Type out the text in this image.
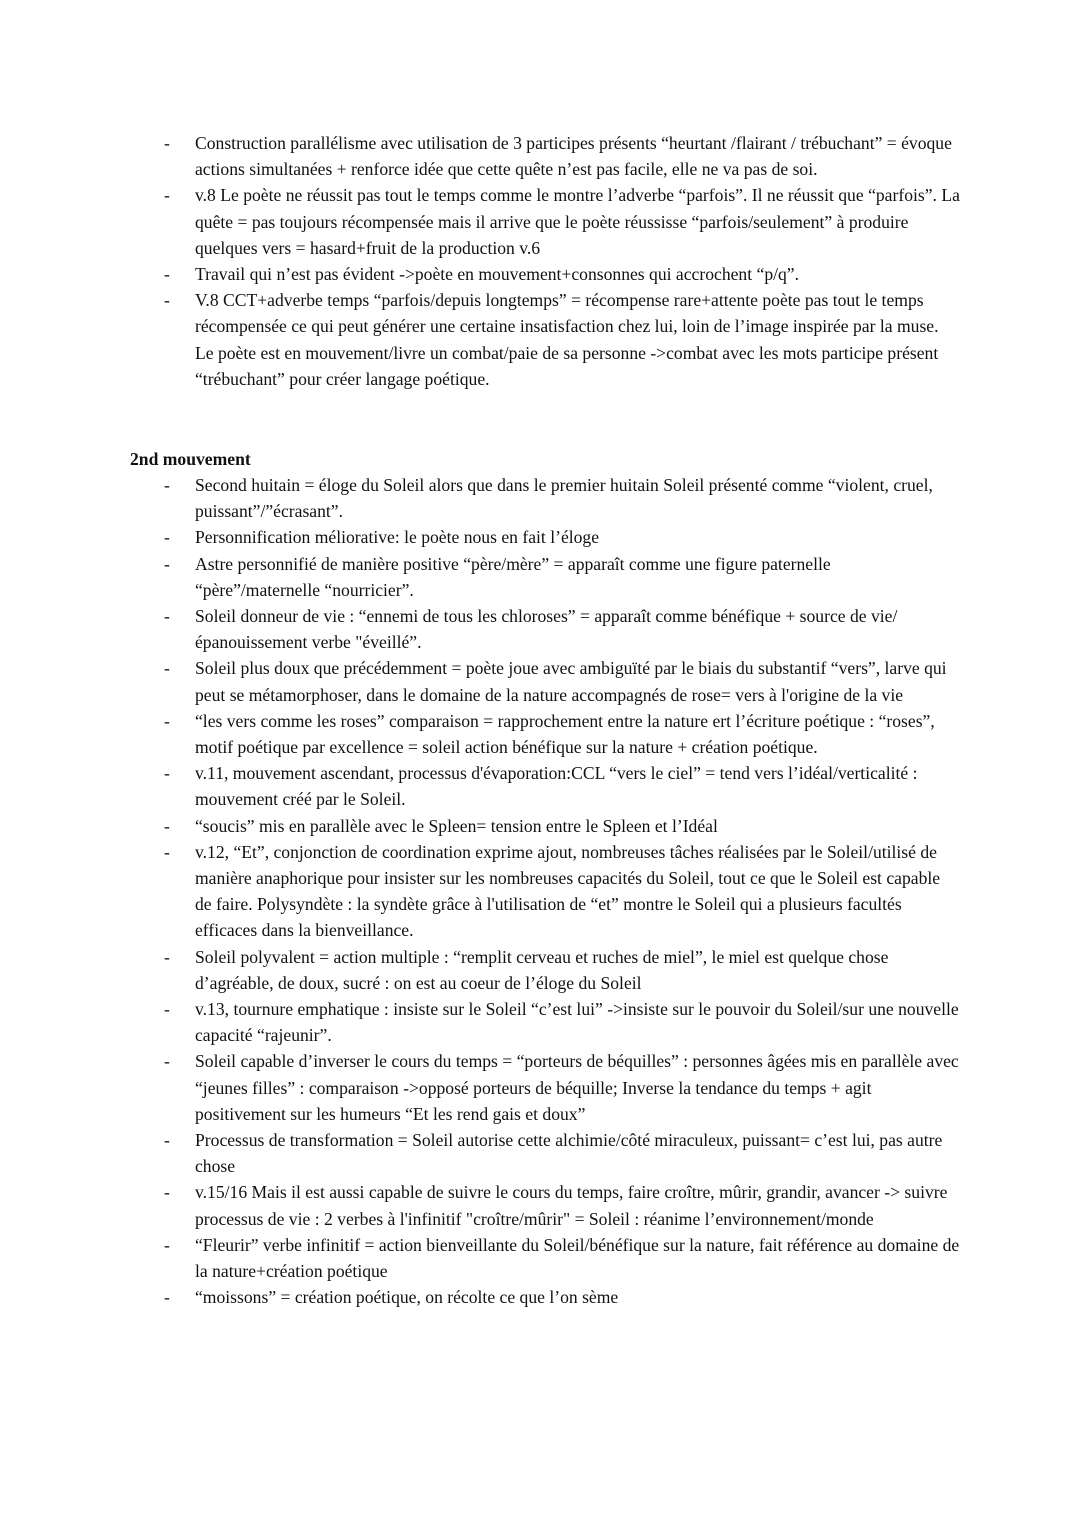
- Construction parallélisme avec utilisation de 3 participes présents “heurtant /flairant / trébuchant” = évoque actions simultanées + renforce idée que cette quête n’est pas facile, elle ne va pas de soi.
- v.8 Le poète ne réussit pas tout le temps comme le montre l’adverbe “parfois”. Il ne réussit que “parfois”. La quête = pas toujours récompensée mais il arrive que le poète réussisse “parfois/seulement” à produire quelques vers = hasard+fruit de la production v.6
- Travail qui n’est pas évident ->poète en mouvement+consonnes qui accrochent “p/q”.
- V.8 CCT+adverbe temps “parfois/depuis longtemps” = récompense rare+attente poète pas tout le temps récompensée ce qui peut générer une certaine insatisfaction chez lui, loin de l’image inspirée par la muse. Le poète est en mouvement/livre un combat/paie de sa personne ->combat avec les mots participe présent “trébuchant” pour créer langage poétique.
2nd mouvement
- Second huitain = éloge du Soleil alors que dans le premier huitain Soleil présenté comme “violent, cruel, puissant”/”écrasant”.
- Personnification méliorative: le poète nous en fait l’éloge
- Astre personnifié de manière positive “père/mère” = apparaît comme une figure paternelle “père”/maternelle “nourricier”.
- Soleil donneur de vie : “ennemi de tous les chloroses” = apparaît comme bénéfique + source de vie/épanouissement verbe "éveillé”.
- Soleil plus doux que précédemment = poète joue avec ambiguïté par le biais du substantif “vers”, larve qui peut se métamorphoser, dans le domaine de la nature accompagnés de rose= vers à l'origine de la vie
- “les vers comme les roses” comparaison = rapprochement entre la nature ert l’écriture poétique : “roses”, motif poétique par excellence = soleil action bénéfique sur la nature + création poétique.
- v.11, mouvement ascendant, processus d'évaporation:CCL “vers le ciel” = tend vers l’idéal/verticalité : mouvement créé par le Soleil.
- “soucis” mis en parallèle avec le Spleen= tension entre le Spleen et l’Idéal
- v.12, “Et”, conjonction de coordination exprime ajout, nombreuses tâches réalisées par le Soleil/utilisé de manière anaphorique pour insister sur les nombreuses capacités du Soleil, tout ce que le Soleil est capable de faire. Polysyndète : la syndète grâce à l'utilisation de “et” montre le Soleil qui a plusieurs facultés efficaces dans la bienveillance.
- Soleil polyvalent = action multiple : “remplit cerveau et ruches de miel”, le miel est quelque chose d’agréable, de doux, sucré : on est au coeur de l’éloge du Soleil
- v.13, tournure emphatique : insiste sur le Soleil “c’est lui” ->insiste sur le pouvoir du Soleil/sur une nouvelle capacité “rajeunir”.
- Soleil capable d’inverser le cours du temps = “porteurs de béquilles” : personnes âgées mis en parallèle avec “jeunes filles” : comparaison ->opposé porteurs de béquille; Inverse la tendance du temps + agit positivement sur les humeurs “Et les rend gais et doux”
- Processus de transformation = Soleil autorise cette alchimie/côté miraculeux, puissant= c’est lui, pas autre chose
- v.15/16 Mais il est aussi capable de suivre le cours du temps, faire croître, mûrir, grandir, avancer -> suivre processus de vie : 2 verbes à l'infinitif "croître/mûrir" = Soleil : réanime l’environnement/monde
- “Fleurir” verbe infinitif = action bienveillante du Soleil/bénéfique sur la nature, fait référence au domaine de la nature+création poétique
- “moissons” = création poétique, on récolte ce que l’on sème
